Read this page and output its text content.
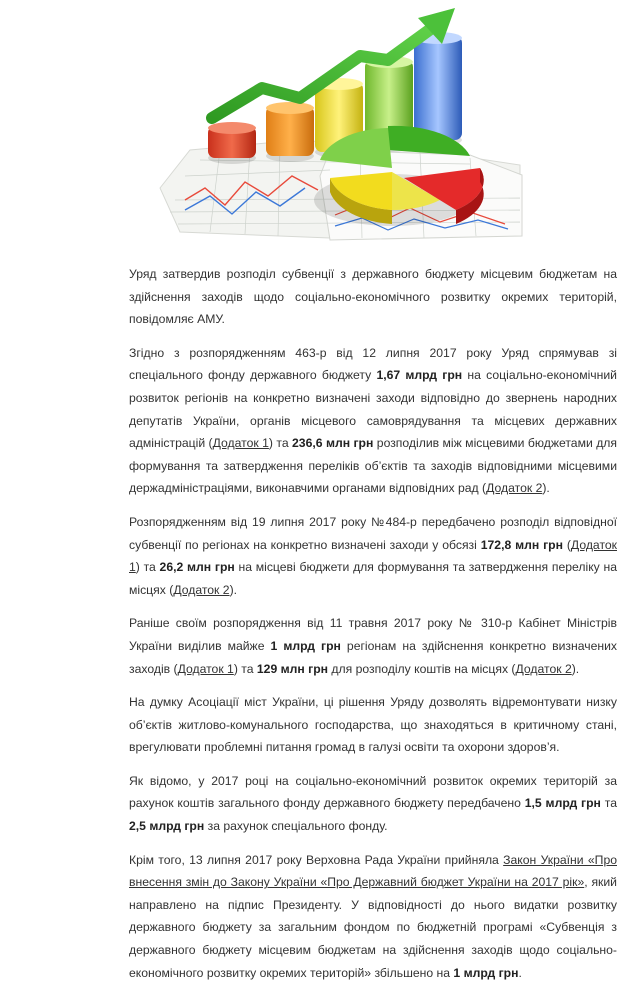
Уряд затвердив розподіл субвенції з державного бюджету місцевим бюджетам на здійснення заходів щодо соціально-економічного розвитку окремих територій, повідомляє АМУ.

Згідно з розпорядженням 463-р від 12 липня 2017 року Уряд спрямував зі спеціального фонду державного бюджету 1,67 млрд грн на соціально-економічний розвиток регіонів на конкретно визначені заходи відповідно до звернень народних депутатів України, органів місцевого самоврядування та місцевих державних адміністрацій (Додаток 1) та 236,6 млн грн розподілив між місцевими бюджетами для формування та затвердження переліків об’єктів та заходів відповідними місцевими держадміністраціями, виконавчими органами відповідних рад (Додаток 2).

Розпорядженням від 19 липня 2017 року №484-р передбачено розподіл відповідної субвенції по регіонах на конкретно визначені заходи у обсязі 172,8 млн грн (Додаток 1) та 26,2 млн грн на місцеві бюджети для формування та затвердження переліку на місцях (Додаток 2).

Раніше своїм розпорядження від 11 травня 2017 року № 310-р Кабінет Міністрів України виділив майже 1 млрд грн регіонам на здійснення конкретно визначених заходів (Додаток 1) та 129 млн грн для розподілу коштів на місцях (Додаток 2).

На думку Асоціації міст України, ці рішення Уряду дозволять відремонтувати низку об’єктів житлово-комунального господарства, що знаходяться в критичному стані, врегулювати проблемні питання громад в галузі освіти та охорони здоров’я.

Як відомо, у 2017 році на соціально-економічний розвиток окремих територій за рахунок коштів загального фонду державного бюджету передбачено 1,5 млрд грн та 2,5 млрд грн за рахунок спеціального фонду.

Крім того, 13 липня 2017 року Верховна Рада України прийняла Закон України «Про внесення змін до Закону України «Про Державний бюджет України на 2017 рік», який направлено на підпис Президенту. У відповідності до нього видатки розвитку державного бюджету за загальним фондом по бюджетній програмі «Субвенція з державного бюджету місцевим бюджетам на здійснення заходів щодо соціально-економічного розвитку окремих територій» збільшено на 1 млрд грн.
